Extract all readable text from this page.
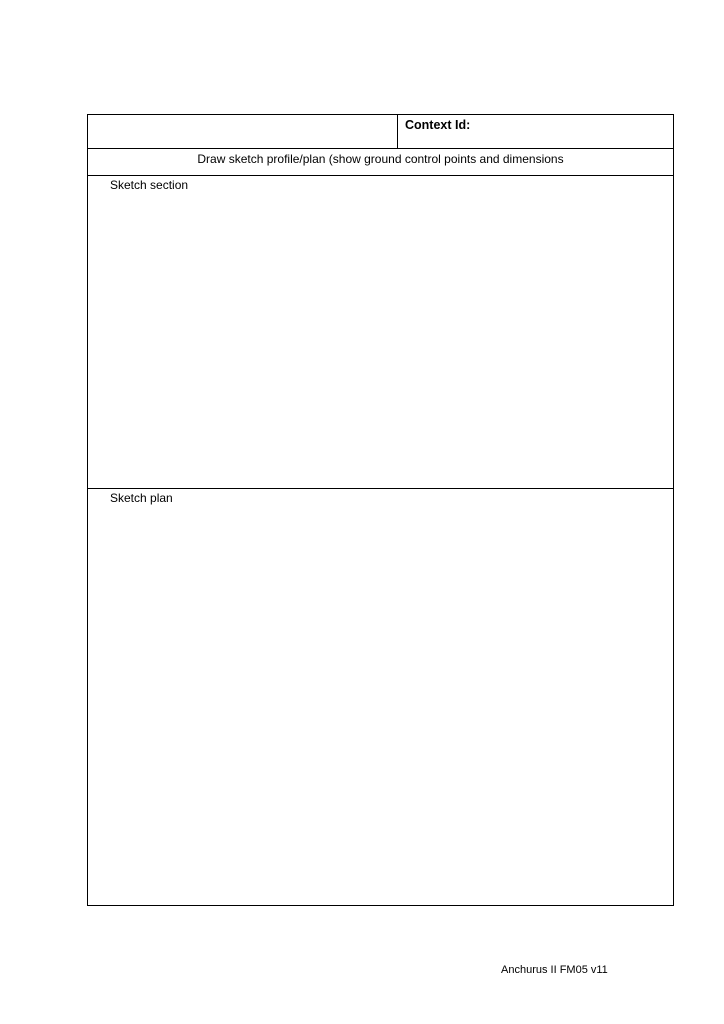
Context Id:
Draw sketch profile/plan (show ground control points and dimensions
Sketch section
Sketch plan
Anchurus II FM05 v11
